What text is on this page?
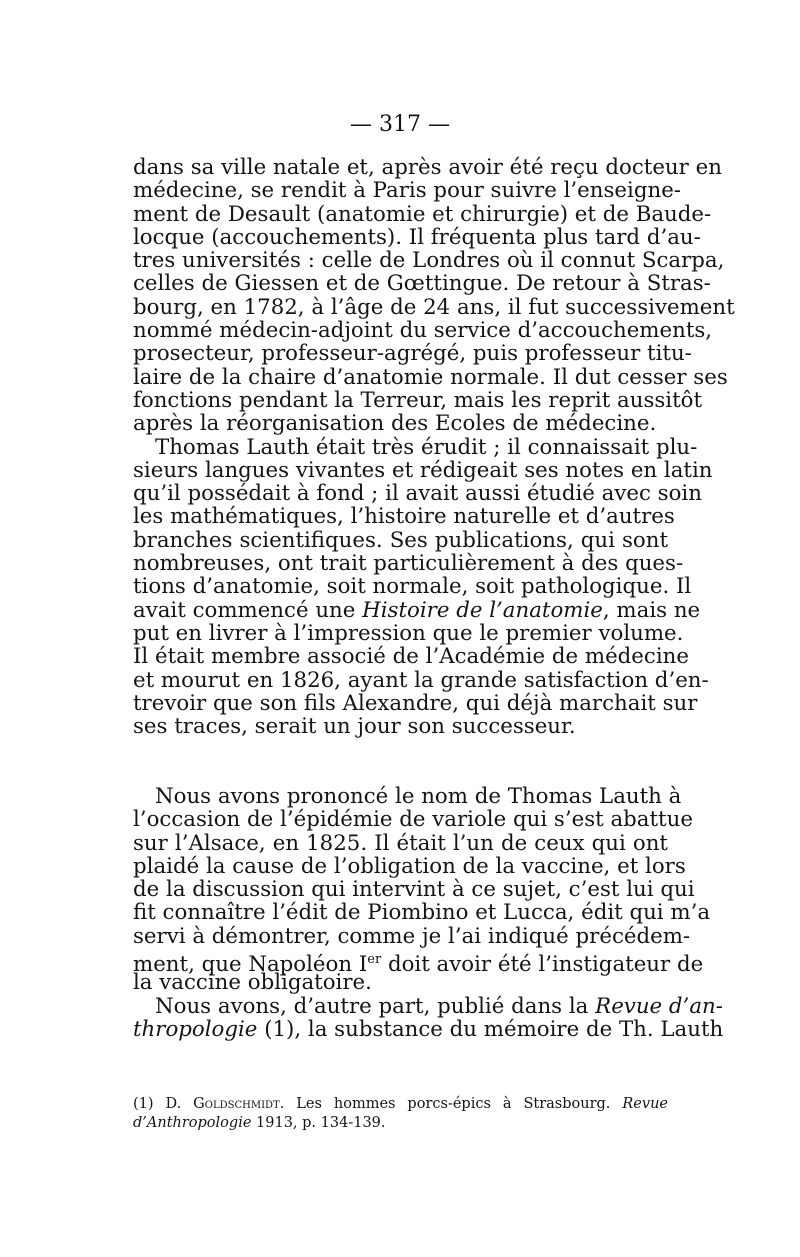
— 317 —
dans sa ville natale et, après avoir été reçu docteur en
médecine, se rendit à Paris pour suivre l’enseigne-
ment de Desault (anatomie et chirurgie) et de Baude-
locque (accouchements). Il fréquenta plus tard d’au-
tres universités : celle de Londres où il connut Scarpa,
celles de Giessen et de Gœttingue. De retour à Stras-
bourg, en 1782, à l’âge de 24 ans, il fut successivement
nommé médecin-adjoint du service d’accouchements,
prosecteur, professeur-agrégé, puis professeur titu-
laire de la chaire d’anatomie normale. Il dut cesser ses
fonctions pendant la Terreur, mais les reprit aussitôt
après la réorganisation des Ecoles de médecine.
Thomas Lauth était très érudit ; il connaissait plu-
sieurs langues vivantes et rédigeait ses notes en latin
qu’il possédait à fond ; il avait aussi étudié avec soin
les mathématiques, l’histoire naturelle et d’autres
branches scientifiques. Ses publications, qui sont
nombreuses, ont trait particulièrement à des ques-
tions d’anatomie, soit normale, soit pathologique. Il
avait commencé une Histoire de l’anatomie, mais ne
put en livrer à l’impression que le premier volume.
Il était membre associé de l’Académie de médecine
et mourut en 1826, ayant la grande satisfaction d’en-
trevoir que son fils Alexandre, qui déjà marchait sur
ses traces, serait un jour son successeur.
Nous avons prononcé le nom de Thomas Lauth à
l’occasion de l’épidémie de variole qui s’est abattue
sur l’Alsace, en 1825. Il était l’un de ceux qui ont
plaidé la cause de l’obligation de la vaccine, et lors
de la discussion qui intervint à ce sujet, c’est lui qui
fit connaître l’édit de Piombino et Lucca, édit qui m’a
servi à démontrer, comme je l’ai indiqué précédem-
ment, que Napoléon Ier doit avoir été l’instigateur de
la vaccine obligatoire.
Nous avons, d’autre part, publié dans la Revue d’an-
thropologie (1), la substance du mémoire de Th. Lauth
(1) D. Goldschmidt. Les hommes porcs-épics à Strasbourg. Revue
d’Anthropologie 1913, p. 134-139.
